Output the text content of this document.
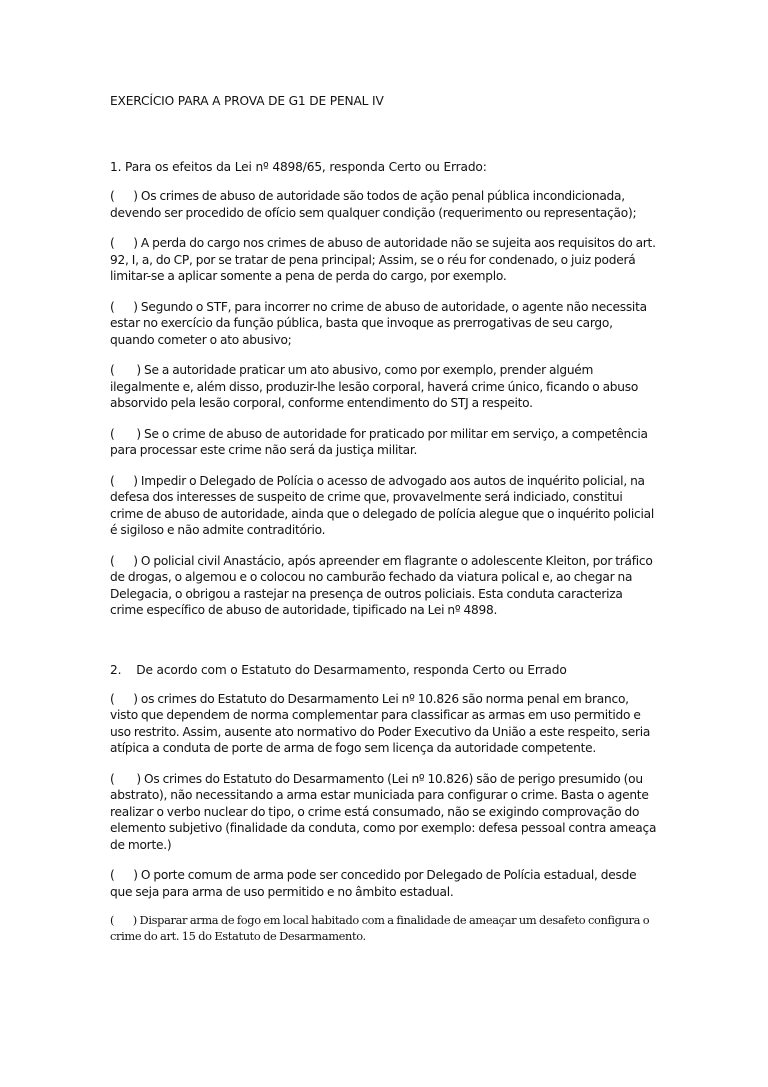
EXERCÍCIO PARA A PROVA DE G1 DE PENAL IV
1. Para os efeitos da Lei nº 4898/65, responda Certo ou Errado:

(      ) Os crimes de abuso de autoridade são todos de ação penal pública incondicionada, devendo ser procedido de ofício sem qualquer condição (requerimento ou representação);

(      ) A perda do cargo nos crimes de abuso de autoridade não se sujeita aos requisitos do art. 92, I, a, do CP, por se tratar de pena principal; Assim, se o réu for condenado, o juiz poderá limitar-se a aplicar somente a pena de perda do cargo, por exemplo.

(      ) Segundo o STF, para incorrer no crime de abuso de autoridade, o agente não necessita estar no exercício da função pública, basta que invoque as prerrogativas de seu cargo, quando cometer o ato abusivo;

(       ) Se a autoridade praticar um ato abusivo, como por exemplo, prender alguém ilegalmente e, além disso, produzir-lhe lesão corporal, haverá crime único, ficando o abuso absorvido pela lesão corporal, conforme entendimento do STJ a respeito.

(       ) Se o crime de abuso de autoridade for praticado por militar em serviço, a competência para processar este crime não será da justiça militar.

(      ) Impedir o Delegado de Polícia o acesso de advogado aos autos de inquérito policial, na defesa dos interesses de suspeito de crime que, provavelmente será indiciado, constitui crime de abuso de autoridade, ainda que o delegado de polícia alegue que o inquérito policial é sigiloso e não admite contraditório.

(      ) O policial civil Anastácio, após apreender em flagrante o adolescente Kleiton, por tráfico de drogas, o algemou e o colocou no camburão fechado da viatura polical e, ao chegar na Delegacia, o obrigou a rastejar na presença de outros policiais. Esta conduta caracteriza crime específico de abuso de autoridade, tipificado na Lei nº 4898.

2.    De acordo com o Estatuto do Desarmamento, responda Certo ou Errado

(      ) os crimes do Estatuto do Desarmamento Lei nº 10.826 são norma penal em branco, visto que dependem de norma complementar para classificar as armas em uso permitido e uso restrito. Assim, ausente ato normativo do Poder Executivo da União a este respeito, seria atípica a conduta de porte de arma de fogo sem licença da autoridade competente.

(       ) Os crimes do Estatuto do Desarmamento (Lei nº 10.826) são de perigo presumido (ou abstrato), não necessitando a arma estar municiada para configurar o crime. Basta o agente realizar o verbo nuclear do tipo, o crime está consumado, não se exigindo comprovação do elemento subjetivo (finalidade da conduta, como por exemplo: defesa pessoal contra ameaça de morte.)

(      ) O porte comum de arma pode ser concedido por Delegado de Polícia estadual, desde que seja para arma de uso permitido e no âmbito estadual.

(       ) Disparar arma de fogo em local habitado com a finalidade de ameaçar um desafeto configura o crime do art. 15 do Estatuto de Desarmamento.
